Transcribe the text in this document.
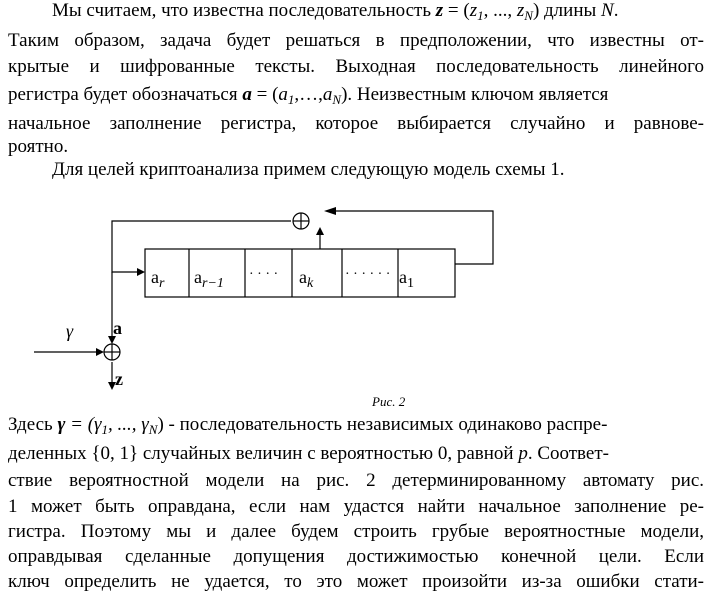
Мы считаем, что известна последовательность $z = (z_1$, ..., $z_N$) длины N.
Таким образом, задача будет решаться в предположении, что известны от-
крытые и шифрованные тексты. Выходная последовательность линейного
регистра будет обозначаться $a = (a_1,\dots,a_N)$. Неизвестным ключом является
начальное заполнение регистра, которое выбирается случайно и равнове-
роятно.
Для целей криптоанализа примем следующую модель схемы 1.
$a_r$ $a_{r-1}$
· · · · $a_k$
· · · · · · $a_1$
γ a
z
Рис. 2
Здесь $\gamma = (\gamma_1$, ..., $\gamma_N$) - последовательность независимых одинаково распре-
деленных {0, 1} случайных величин с вероятностью 0, равной p. Соответ-
ствие вероятностной модели на рис. 2 детерминированному автомату рис.
1 может быть оправдана, если нам удастся найти начальное заполнение ре-
гистра. Поэтому мы и далее будем строить грубые вероятностные модели,
оправдывая сделанные допущения достижимостью конечной цели. Если
ключ определить не удается, то это может произойти из-за ошибки стати-
